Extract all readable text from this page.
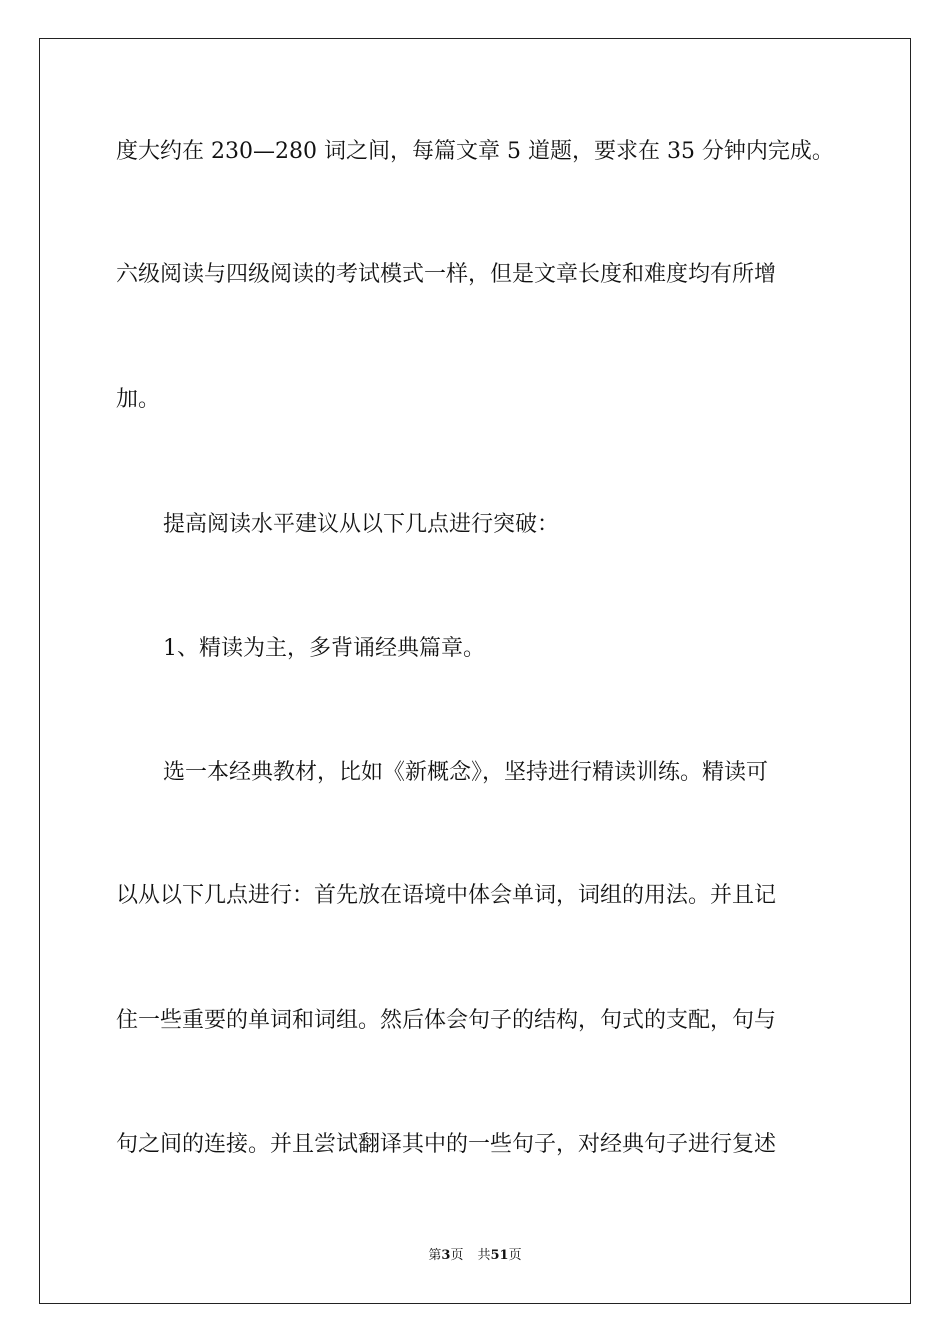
度大约在 230—280 词之间，每篇文章 5 道题，要求在 35 分钟内完成。
六级阅读与四级阅读的考试模式一样，但是文章长度和难度均有所增
加。
提高阅读水平建议从以下几点进行突破：
1、精读为主，多背诵经典篇章。
选一本经典教材，比如《新概念》，坚持进行精读训练。精读可
以从以下几点进行：首先放在语境中体会单词，词组的用法。并且记
住一些重要的单词和词组。然后体会句子的结构，句式的支配，句与
句之间的连接。并且尝试翻译其中的一些句子，对经典句子进行复述
第3页 共51页
